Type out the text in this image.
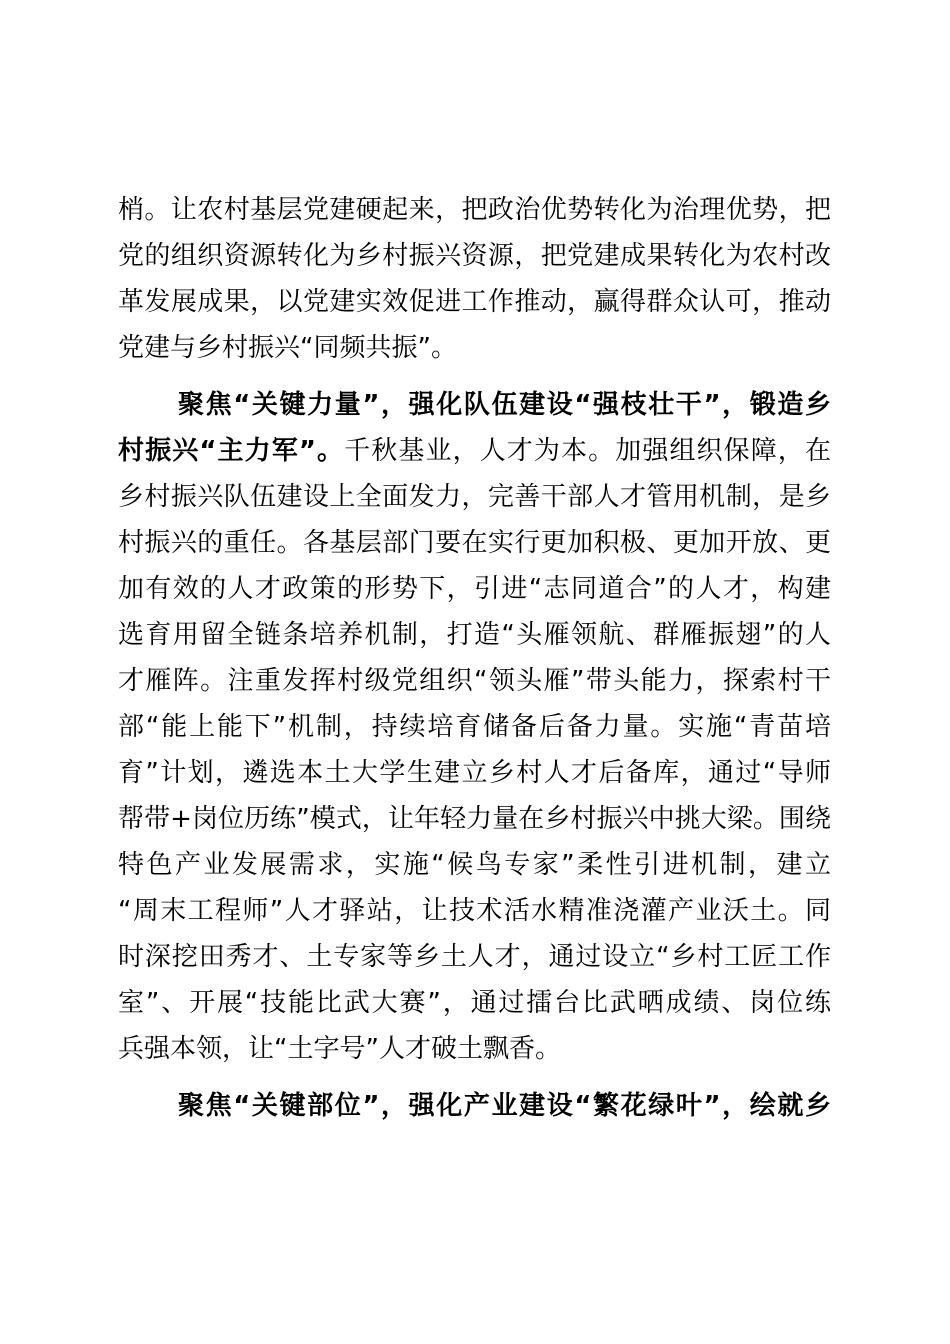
梢。让农村基层党建硬起来，把政治优势转化为治理优势，把
党的组织资源转化为乡村振兴资源，把党建成果转化为农村改
革发展成果，以党建实效促进工作推动，赢得群众认可，推动
党建与乡村振兴“同频共振”。
聚焦“关键力量”，强化队伍建设“强枝壮干”，锻造乡
村振兴“主力军”。千秋基业，人才为本。加强组织保障，在
乡村振兴队伍建设上全面发力，完善干部人才管用机制，是乡
村振兴的重任。各基层部门要在实行更加积极、更加开放、更
加有效的人才政策的形势下，引进“志同道合”的人才，构建
选育用留全链条培养机制，打造“头雁领航、群雁振翅”的人
才雁阵。注重发挥村级党组织“领头雁”带头能力，探索村干
部“能上能下”机制，持续培育储备后备力量。实施“青苗培
育”计划，遴选本土大学生建立乡村人才后备库，通过“导师
帮带+岗位历练”模式，让年轻力量在乡村振兴中挑大梁。围绕
特色产业发展需求，实施“候鸟专家”柔性引进机制，建立
“周末工程师”人才驿站，让技术活水精准浇灌产业沃土。同
时深挖田秀才、土专家等乡土人才，通过设立“乡村工匠工作
室”、开展“技能比武大赛”，通过擂台比武晒成绩、岗位练
兵强本领，让“土字号”人才破土飘香。
聚焦“关键部位”，强化产业建设“繁花绿叶”，绘就乡
